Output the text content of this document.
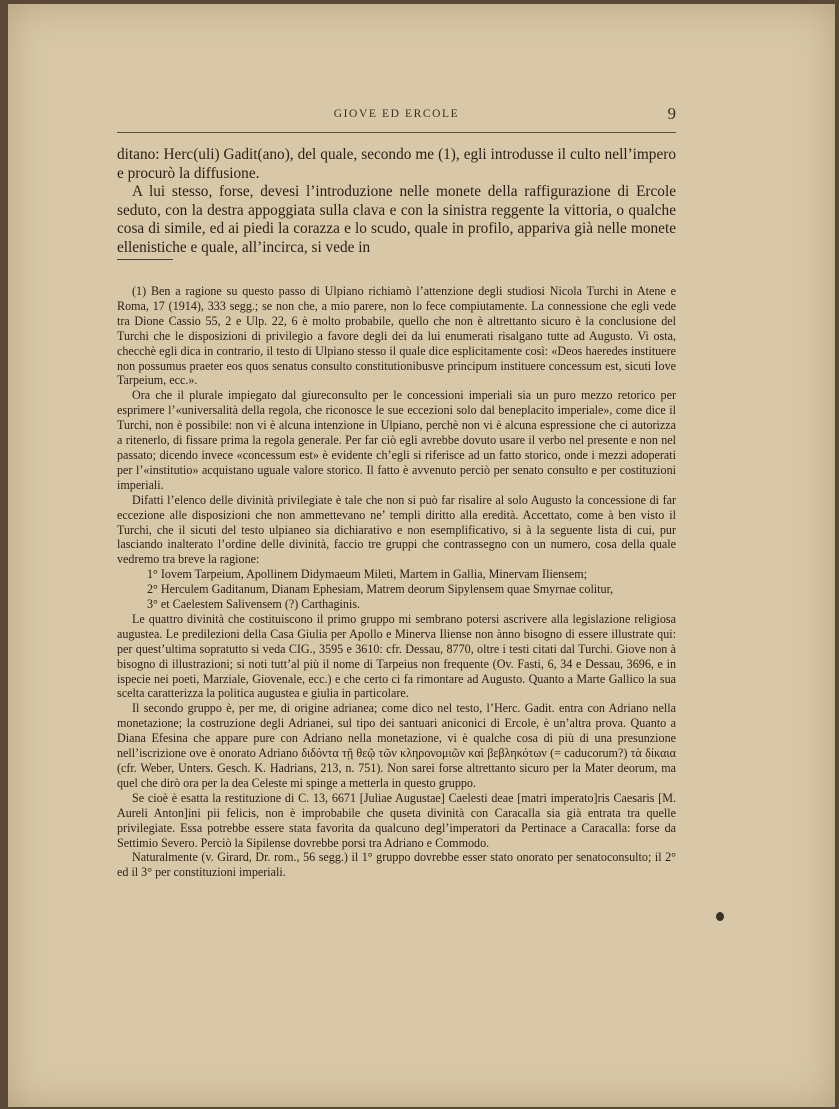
GIOVE ED ERCOLE	9

ditano: Herc(uli) Gadit(ano), del quale, secondo me (1), egli introdusse il culto nell’impero e procurò la diffusione.

A lui stesso, forse, devesi l’introduzione nelle monete della raffigurazione di Ercole seduto, con la destra appoggiata sulla clava e con la sinistra reggente la vittoria, o qualche cosa di simile, ed ai piedi la corazza e lo scudo, quale in profilo, appariva già nelle monete ellenistiche e quale, all’incirca, si vede in

(1) Ben a ragione su questo passo di Ulpiano richiamò l’attenzione degli studiosi Nicola Turchi in Atene e Roma, 17 (1914), 333 segg.; se non che, a mio parere, non lo fece compiutamente. La connessione che egli vede tra Dione Cassio 55, 2 e Ulp. 22, 6 è molto probabile, quello che non è altrettanto sicuro è la conclusione del Turchi che le disposizioni di privilegio a favore degli dei da lui enumerati risalgano tutte ad Augusto. Vi osta, checchè egli dica in contrario, il testo di Ulpiano stesso il quale dice esplicitamente così: «Deos haeredes instituere non possumus praeter eos quos senatus consulto constitutionibusve principum instituere concessum est, sicuti Iove Tarpeium, ecc.».

Ora che il plurale impiegato dal giureconsulto per le concessioni imperiali sia un puro mezzo retorico per esprimere l’«universalità della regola, che riconosce le sue eccezioni solo dal beneplacito imperiale», come dice il Turchi, non è possibile: non vi è alcuna intenzione in Ulpiano, perchè non vi è alcuna espressione che ci autorizza a ritenerlo, di fissare prima la regola generale. Per far ciò egli avrebbe dovuto usare il verbo nel presente e non nel passato; dicendo invece «concessum est» è evidente ch’egli si riferisce ad un fatto storico, onde i mezzi adoperati per l’«institutio» acquistano uguale valore storico. Il fatto è avvenuto perciò per senato consulto e per costituzioni imperiali.

Difatti l’elenco delle divinità privilegiate è tale che non si può far risalire al solo Augusto la concessione di far eccezione alle disposizioni che non ammettevano ne’ templi diritto alla eredità. Accettato, come à ben visto il Turchi, che il sicuti del testo ulpianeo sia dichiarativo e non esemplificativo, si à la seguente lista di cui, pur lasciando inalterato l’ordine delle divinità, faccio tre gruppi che contrassegno con un numero, cosa della quale vedremo tra breve la ragione:

1° Iovem Tarpeium, Apollinem Didymaeum Mileti, Martem in Gallia, Minervam Iliensem;

2° Herculem Gaditanum, Dianam Ephesiam, Matrem deorum Sipylensem quae Smyrnae colitur,

3° et Caelestem Salivensem (?) Carthaginis.

Le quattro divinità che costituiscono il primo gruppo mi sembrano potersi ascrivere alla legislazione religiosa augustea. Le predilezioni della Casa Giulia per Apollo e Minerva Iliense non ànno bisogno di essere illustrate qui: per quest’ultima sopratutto si veda CIG., 3595 e 3610: cfr. Dessau, 8770, oltre i testi citati dal Turchi. Giove non à bisogno di illustrazioni; si noti tutt’al più il nome di Tarpeius non frequente (Ov. Fasti, 6, 34 e Dessau, 3696, e in ispecie nei poeti, Marziale, Giovenale, ecc.) e che certo ci fa rimontare ad Augusto. Quanto a Marte Gallico la sua scelta caratterizza la politica augustea e giulia in particolare.

Il secondo gruppo è, per me, di origine adrianea; come dico nel testo, l’Herc. Gadit. entra con Adriano nella monetazione; la costruzione degli Adrianei, sul tipo dei santuari aniconici di Ercole, è un’altra prova. Quanto a Diana Efesina che appare pure con Adriano nella monetazione, vi è qualche cosa di più di una presunzione nell’iscrizione ove è onorato Adriano διδόντα τῇ θεῷ τῶν κληρονομιῶν καὶ βεβληκότων (= caducorum?) τὰ δίκαια (cfr. Weber, Unters. Gesch. K. Hadrians, 213, n. 751). Non sarei forse altrettanto sicuro per la Mater deorum, ma quel che dirò ora per la dea Celeste mi spinge a metterla in questo gruppo.

Se cioè è esatta la restituzione di C. 13, 6671 [Juliae Augustae] Caelesti deae [matri imperato]ris Caesaris [M. Aureli Anton]ini pii felicis, non è improbabile che quseta divinità con Caracalla sia già entrata tra quelle privilegiate. Essa potrebbe essere stata favorita da qualcuno degl’imperatori da Pertinace a Caracalla: forse da Settimio Severo. Perciò la Sipilense dovrebbe porsi tra Adriano e Commodo.

Naturalmente (v. Girard, Dr. rom., 56 segg.) il 1° gruppo dovrebbe esser stato onorato per senatoconsulto; il 2° ed il 3° per constituzioni imperiali.
